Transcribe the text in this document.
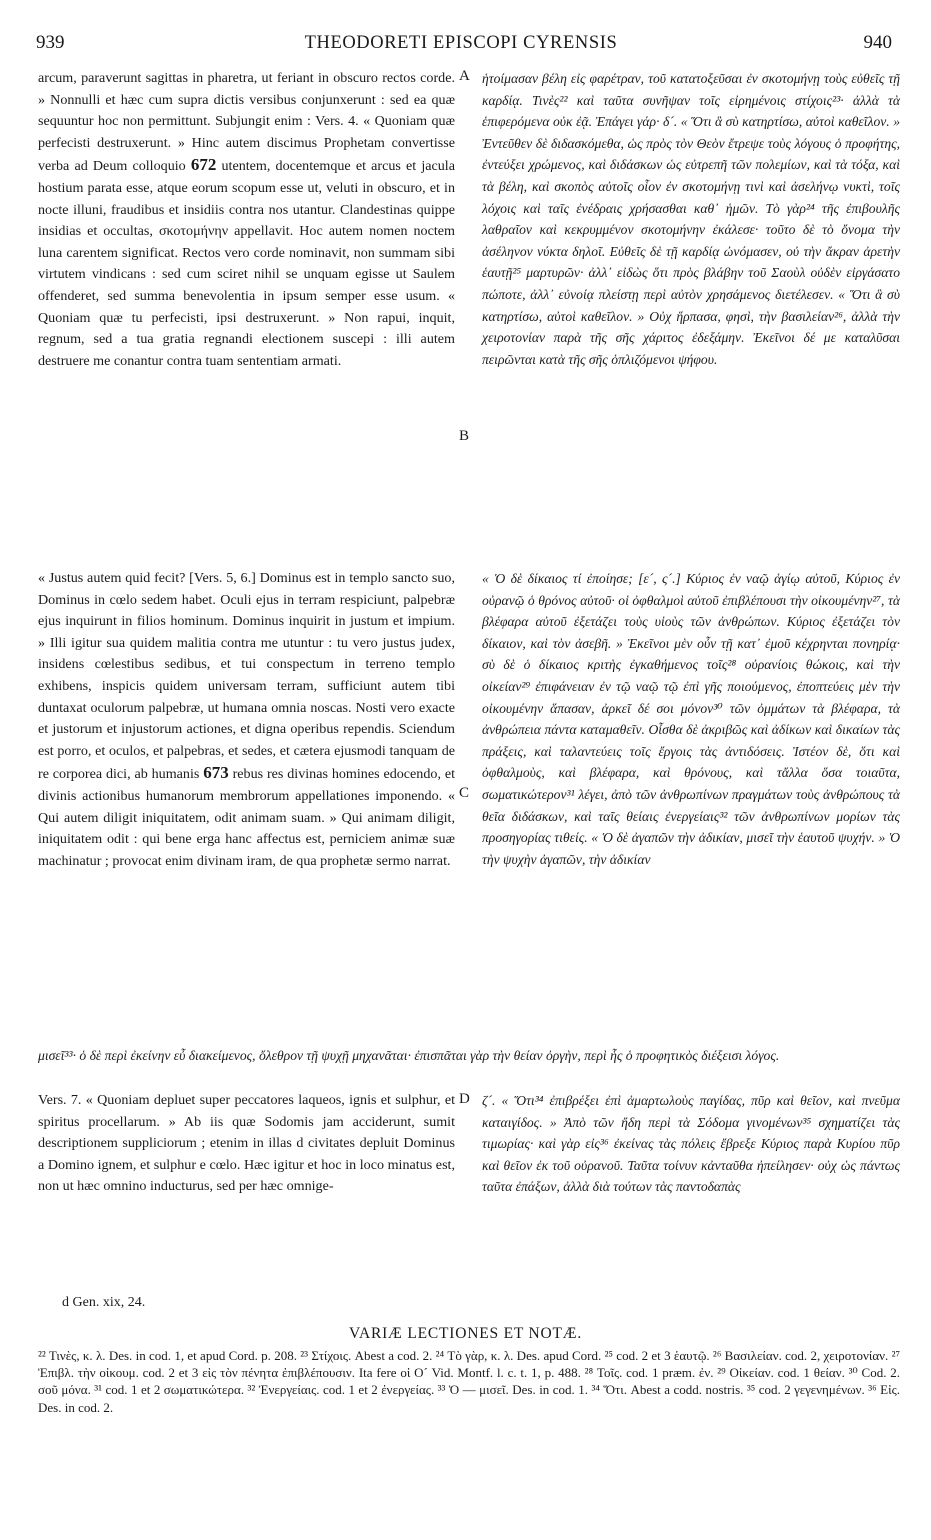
939	THEODORETI EPISCOPI CYRENSIS	940
A
B
C
D

arcum, paraverunt sagittas in pharetra, ut feriant in obscuro rectos corde. » Nonnulli et hæc cum supra dictis versibus conjunxerunt : sed ea quæ sequuntur hoc non permittunt. Subjungit enim : Vers. 4. « Quoniam quæ perfecisti destruxerunt. » Hinc autem discimus Prophetam convertisse verba ad Deum colloquio 672 utentem, docentemque et arcus et jacula hostium parata esse, atque eorum scopum esse ut, veluti in obscuro, et in nocte illuni, fraudibus et insidiis contra nos utantur. Clandestinas quippe insidias et occultas, σκοτομήνην appellavit. Hoc autem nomen noctem luna carentem significat. Rectos vero corde nominavit, non summam sibi virtutem vindicans : sed cum sciret nihil se unquam egisse ut Saulem offenderet, sed summa benevolentia in ipsum semper esse usum. « Quoniam quæ tu perfecisti, ipsi destruxerunt. » Non rapui, inquit, regnum, sed a tua gratia regnandi electionem suscepi : illi autem destruere me conantur contra tuam sententiam armati.

ἡτοίμασαν βέλη εἰς φαρέτραν, τοῦ κατατοξεῦσαι ἐν σκοτομήνῃ τοὺς εὐθεῖς τῇ καρδίᾳ. Τινὲς²² καὶ ταῦτα συνῆψαν τοῖς εἰρημένοις στίχοις²³· ἀλλὰ τὰ ἑπιφερόμενα οὐκ ἐᾷ. Ἐπάγει γάρ· δ´. « Ὅτι ἃ σὺ κατηρτίσω, αὐτοὶ καθεῖλον. » Ἐντεῦθεν δὲ διδασκόμεθα, ὡς πρὸς τὸν Θεὸν ἔτρεψε τοὺς λόγους ὁ προφήτης, ἐντεύξει χρώμενος, καὶ διδάσκων ὡς εὐτρεπῆ τῶν πολεμίων, καὶ τὰ τόξα, καὶ τὰ βέλη, καὶ σκοπὸς αὐτοῖς οἷον ἐν σκοτομήνῃ τινὶ καὶ ἀσελήνῳ νυκτὶ, τοῖς λόχοις καὶ ταῖς ἐνέδραις χρήσασθαι καθ᾿ ἡμῶν. Τὸ γὰρ²⁴ τῆς ἐπιβουλῆς λαθραῖον καὶ κεκρυμμένον σκοτομήνην ἐκάλεσε· τοῦτο δὲ τὸ ὄνομα τὴν ἀσέληνον νύκτα δηλοῖ. Εὐθεῖς δὲ τῇ καρδίᾳ ὠνόμασεν, οὐ τὴν ἄκραν ἀρετὴν ἑαυτῇ²⁵ μαρτυρῶν· ἀλλ᾿ εἰδὼς ὅτι πρὸς βλάβην τοῦ Σαοὺλ οὐδὲν εἰργάσατο πώποτε, ἀλλ᾿ εὐνοίᾳ πλείστῃ περὶ αὐτὸν χρησάμενος διετέλεσεν. « Ὅτι ἃ σὺ κατηρτίσω, αὐτοὶ καθεῖλον. » Οὐχ ἥρπασα, φησὶ, τὴν βασιλείαν²⁶, ἀλλὰ τὴν χειροτονίαν παρὰ τῆς σῆς χάριτος ἐδεξάμην. Ἐκεῖνοι δέ με καταλῦσαι πειρῶνται κατὰ τῆς σῆς ὁπλιζόμενοι ψήφου.

« Justus autem quid fecit? [Vers. 5, 6.] Dominus est in templo sancto suo, Dominus in cœlo sedem habet. Oculi ejus in terram respiciunt, palpebræ ejus inquirunt in filios hominum. Dominus inquirit in justum et impium. » Illi igitur sua quidem malitia contra me utuntur : tu vero justus judex, insidens cœlestibus sedibus, et tui conspectum in terreno templo exhibens, inspicis quidem universam terram, sufficiunt autem tibi duntaxat oculorum palpebræ, ut humana omnia noscas. Nosti vero exacte et justorum et injustorum actiones, et digna operibus rependis. Sciendum est porro, et oculos, et palpebras, et sedes, et cætera ejusmodi tanquam de re corporea dici, ab humanis 673 rebus res divinas homines edocendo, et divinis actionibus humanorum membrorum appellationes imponendo. « Qui autem diligit iniquitatem, odit animam suam. » Qui animam diligit, iniquitatem odit : qui bene erga hanc affectus est, perniciem animæ suæ machinatur ; provocat enim divinam iram, de qua prophetæ sermo narrat.

« Ὁ δὲ δίκαιος τί ἐποίησε; [ε´, ς´.] Κύριος ἐν ναῷ ἁγίῳ αὐτοῦ, Κύριος ἐν οὐρανῷ ὁ θρόνος αὐτοῦ· οἱ ὀφθαλμοὶ αὐτοῦ ἐπιβλέπουσι τὴν οἰκουμένην²⁷, τὰ βλέφαρα αὐτοῦ ἐξετάζει τοὺς υἱοὺς τῶν ἀνθρώπων. Κύριος ἐξετάζει τὸν δίκαιον, καὶ τὸν ἀσεβῆ. » Ἐκεῖνοι μὲν οὖν τῇ κατ᾿ ἐμοῦ κέχρηνται πονηρίᾳ· σὺ δὲ ὁ δίκαιος κριτὴς ἐγκαθήμενος τοῖς²⁸ οὐρανίοις θώκοις, καὶ τὴν οἰκείαν²⁹ ἐπιφάνειαν ἐν τῷ ναῷ τῷ ἐπὶ γῆς ποιούμενος, ἐποπτεύεις μὲν τὴν οἰκουμένην ἅπασαν, ἀρκεῖ δέ σοι μόνον³⁰ τῶν ὀμμάτων τὰ βλέφαρα, τὰ ἀνθρώπεια πάντα καταμαθεῖν. Οἶσθα δὲ ἀκριβῶς καὶ ἀδίκων καὶ δικαίων τὰς πράξεις, καὶ ταλαντεύεις τοῖς ἔργοις τὰς ἀντιδόσεις. Ἰστέον δὲ, ὅτι καὶ ὀφθαλμοὺς, καὶ βλέφαρα, καὶ θρόνους, καὶ τἄλλα ὅσα τοιαῦτα, σωματικώτερον³¹ λέγει, ἀπὸ τῶν ἀνθρωπίνων πραγμάτων τοὺς ἀνθρώπους τὰ θεῖα διδάσκων, καὶ ταῖς θείαις ἐνεργείαις³² τῶν ἀνθρωπίνων μορίων τὰς προσηγορίας τιθείς. « Ὁ δὲ ἀγαπῶν τὴν ἀδικίαν, μισεῖ τὴν ἑαυτοῦ ψυχήν. » Ὁ τὴν ψυχὴν ἀγαπῶν, τὴν ἀδικίαν

μισεῖ³³· ὁ δὲ περὶ ἐκείνην εὖ διακείμενος, ὄλεθρον τῇ ψυχῇ μηχανᾶται· ἐπισπᾶται γὰρ τὴν θείαν ὀργὴν, περὶ ἧς ὁ προφητικὸς διέξεισι λόγος.

Vers. 7. « Quoniam depluet super peccatores laqueos, ignis et sulphur, et spiritus procellarum. » Ab iis quæ Sodomis jam acciderunt, sumit descriptionem suppliciorum ; etenim in illas d civitates depluit Dominus a Domino ignem, et sulphur e cœlo. Hæc igitur et hoc in loco minatus est, non ut hæc omnino inducturus, sed per hæc omnige-

ζ´. « Ὅτι³⁴ ἐπιβρέξει ἐπὶ ἁμαρτωλοὺς παγίδας, πῦρ καὶ θεῖον, καὶ πνεῦμα καταιγίδος. » Ἀπὸ τῶν ἤδη περὶ τὰ Σόδομα γινομένων³⁵ σχηματίζει τὰς τιμωρίας· καὶ γὰρ εἰς³⁶ ἐκείνας τὰς πόλεις ἔβρεξε Κύριος παρὰ Κυρίου πῦρ καὶ θεῖον ἐκ τοῦ οὐρανοῦ. Ταῦτα τοίνυν κἀνταῦθα ἠπείλησεν· οὐχ ὡς πάντως ταῦτα ἐπάξων, ἀλλὰ διὰ τούτων τὰς παντοδαπὰς

d Gen. xix, 24.
VARIÆ LECTIONES ET NOTÆ.
²² Τινὲς, κ. λ. Des. in cod. 1, et apud Cord. p. 208. ²³ Στίχοις. Abest a cod. 2. ²⁴ Τὸ γὰρ, κ. λ. Des. apud Cord. ²⁵ cod. 2 et 3 ἑαυτῷ. ²⁶ Βασιλείαν. cod. 2, χειροτονίαν. ²⁷ Ἐπιβλ. τὴν οἰκουμ. cod. 2 et 3 εἰς τὸν πένητα ἐπιβλέπουσιν. Ita fere οἱ Ο´ Vid. Montf. l. c. t. 1, p. 488. ²⁸ Τοῖς. cod. 1 præm. ἐν. ²⁹ Οἰκείαν. cod. 1 θείαν. ³⁰ Cod. 2. σοῦ μόνα. ³¹ cod. 1 et 2 σωματικώτερα. ³² Ἐνεργείαις. cod. 1 et 2 ἐνεργείας. ³³ Ὁ — μισεῖ. Des. in cod. 1. ³⁴ Ὅτι. Abest a codd. nostris. ³⁵ cod. 2 γεγενημένων. ³⁶ Εἰς. Des. in cod. 2.
